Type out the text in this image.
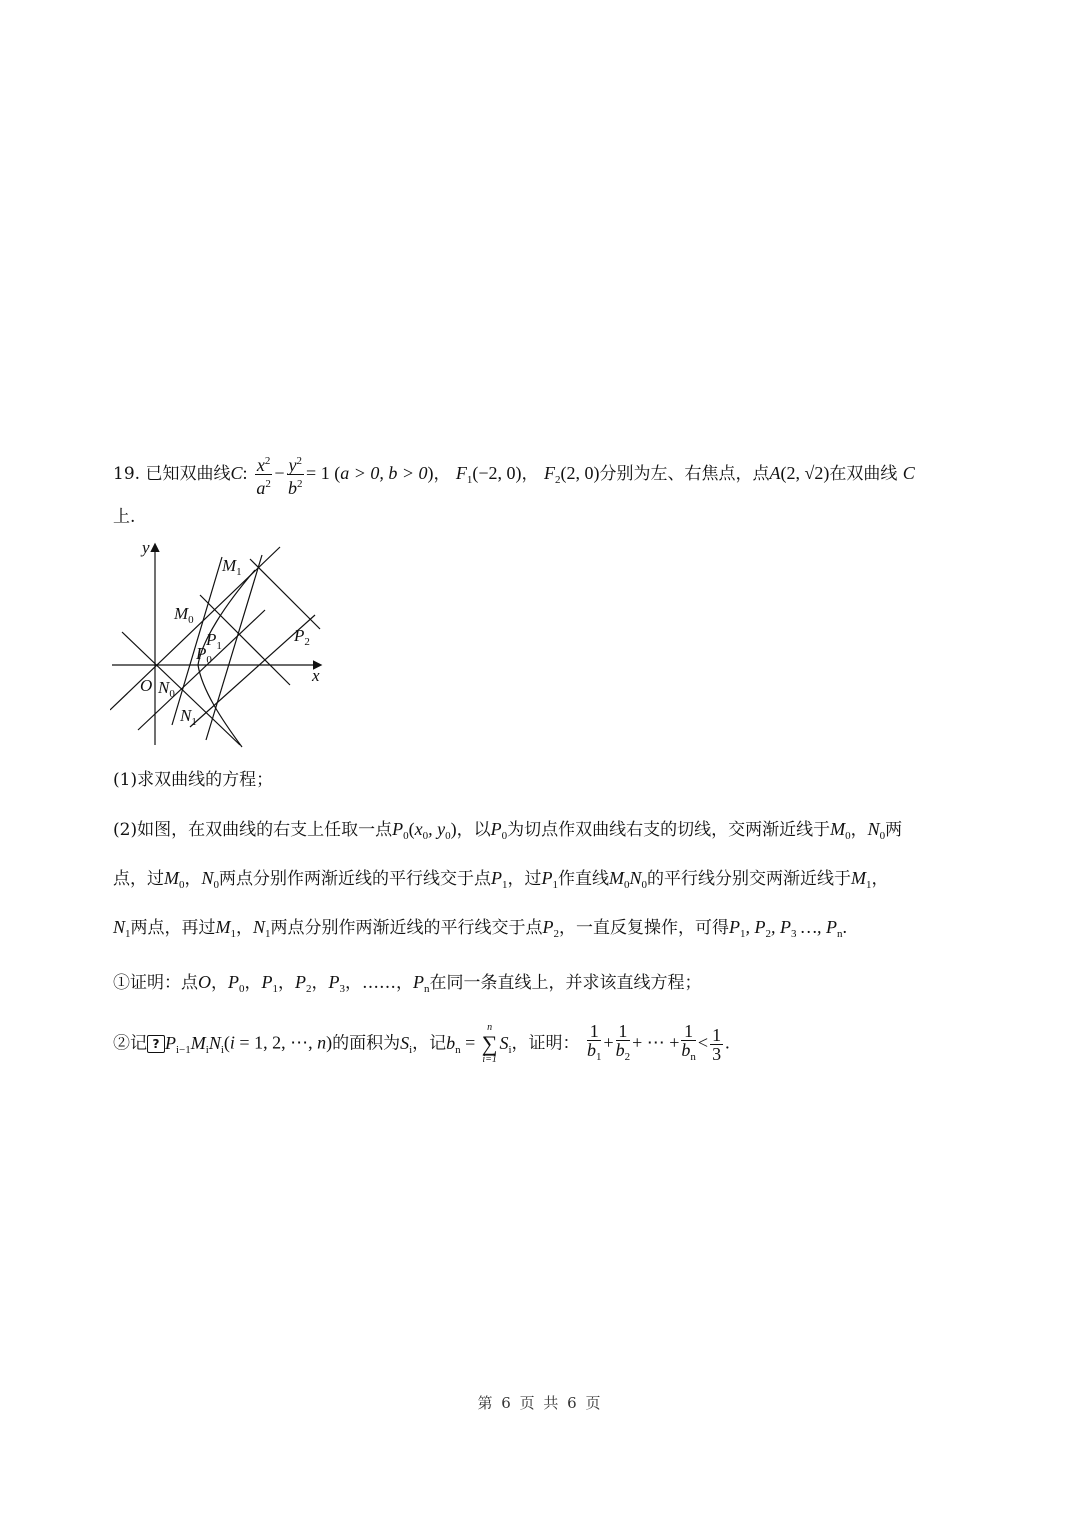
19. 已知双曲线C: $\frac{x^2}{a^2} - \frac{y^2}{b^2} = 1$ (a > 0, b > 0)， $F_1(-2$, 0)， $F_2(2$, 0)分别为左、右焦点，点A(2, √2)在双曲线 C
上.
y
x
O
$M_1$
$M_0$
$P_1$
$P_0$
$P_2$
$N_0$
$N_1$
(1)求双曲线的方程；
(2)如图，在双曲线的右支上任取一点$P_0(x_0$, $y_0$)，以$P_0$为切点作双曲线右支的切线，交两渐近线于$M_0$，$N_0$两
点，过$M_0$，$N_0$两点分别作两渐近线的平行线交于点$P_1$，过$P_1$作直线$M_0N_0$的平行线分别交两渐近线于$M_1$，
$N_1$两点，再过$M_1$，$N_1$两点分别作两渐近线的平行线交于点$P_2$，一直反复操作，可得$P_1$, $P_2$, $P_3$ …, $P_n$.
①证明：点O，$P_0$，$P_1$，$P_2$，$P_3$，……，$P_n$在同一条直线上，并求该直线方程；
②记 ? $P_{i-1}M_iN_i(i = 1$, 2, ⋯, n)的面积为$S_i$，记$b_n$ =
n
∑
i=1
$S_i$，证明： $\frac{1}{b_1} + \frac{1}{b_2}$ + ⋯ + $\frac{1}{b_n} < \frac{1}{3}$ .
第 6 页 共 6 页
